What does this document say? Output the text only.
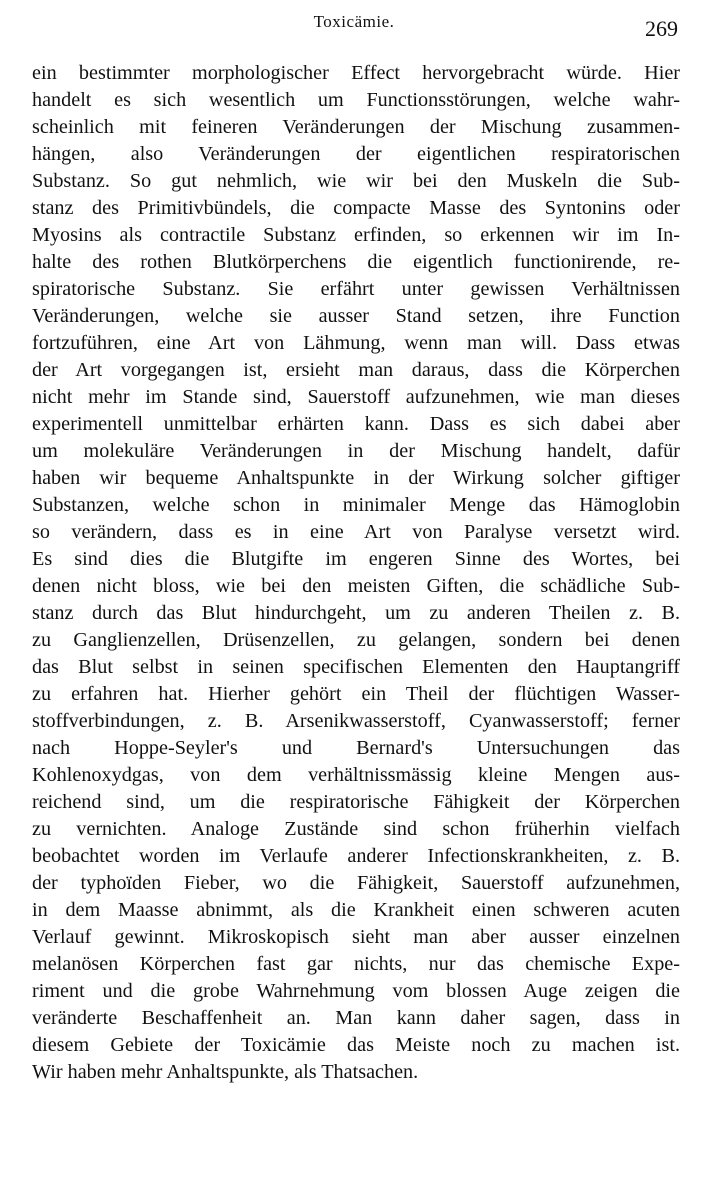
Toxicämie.	269
ein bestimmter morphologischer Effect hervorgebracht würde. Hier
handelt es sich wesentlich um Functionsstörungen, welche wahr-
scheinlich mit feineren Veränderungen der Mischung zusammen-
hängen, also Veränderungen der eigentlichen respiratorischen
Substanz. So gut nehmlich, wie wir bei den Muskeln die Sub-
stanz des Primitivbündels, die compacte Masse des Syntonins oder
Myosins als contractile Substanz erfinden, so erkennen wir im In-
halte des rothen Blutkörperchens die eigentlich functionirende, re-
spiratorische Substanz. Sie erfährt unter gewissen Verhältnissen
Veränderungen, welche sie ausser Stand setzen, ihre Function
fortzuführen, eine Art von Lähmung, wenn man will. Dass etwas
der Art vorgegangen ist, ersieht man daraus, dass die Körperchen
nicht mehr im Stande sind, Sauerstoff aufzunehmen, wie man dieses
experimentell unmittelbar erhärten kann. Dass es sich dabei aber
um molekuläre Veränderungen in der Mischung handelt, dafür
haben wir bequeme Anhaltspunkte in der Wirkung solcher giftiger
Substanzen, welche schon in minimaler Menge das Hämoglobin
so verändern, dass es in eine Art von Paralyse versetzt wird.
Es sind dies die Blutgifte im engeren Sinne des Wortes, bei
denen nicht bloss, wie bei den meisten Giften, die schädliche Sub-
stanz durch das Blut hindurchgeht, um zu anderen Theilen z. B.
zu Ganglienzellen, Drüsenzellen, zu gelangen, sondern bei denen
das Blut selbst in seinen specifischen Elementen den Hauptangriff
zu erfahren hat. Hierher gehört ein Theil der flüchtigen Wasser-
stoffverbindungen, z. B. Arsenikwasserstoff, Cyanwasserstoff; ferner
nach Hoppe-Seyler's und Bernard's Untersuchungen das
Kohlenoxydgas, von dem verhältnissmässig kleine Mengen aus-
reichend sind, um die respiratorische Fähigkeit der Körperchen
zu vernichten. Analoge Zustände sind schon früherhin vielfach
beobachtet worden im Verlaufe anderer Infectionskrankheiten, z. B.
der typhoïden Fieber, wo die Fähigkeit, Sauerstoff aufzunehmen,
in dem Maasse abnimmt, als die Krankheit einen schweren acuten
Verlauf gewinnt. Mikroskopisch sieht man aber ausser einzelnen
melanösen Körperchen fast gar nichts, nur das chemische Expe-
riment und die grobe Wahrnehmung vom blossen Auge zeigen die
veränderte Beschaffenheit an. Man kann daher sagen, dass in
diesem Gebiete der Toxicämie das Meiste noch zu machen ist.
Wir haben mehr Anhaltspunkte, als Thatsachen.
